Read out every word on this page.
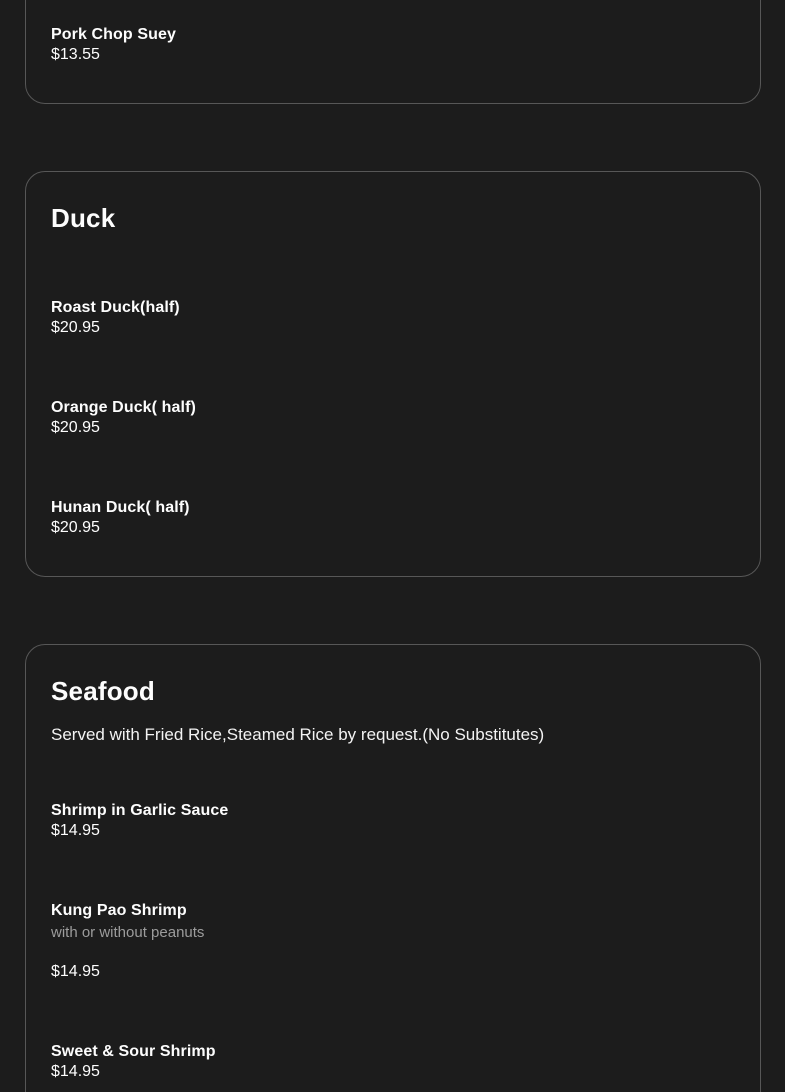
Pork Chop Suey
$13.55
Duck
Roast Duck(half)
$20.95
Orange Duck( half)
$20.95
Hunan Duck( half)
$20.95
Seafood

Served with Fried Rice,Steamed Rice by request.(No Substitutes)

Shrimp in Garlic Sauce
$14.95
Kung Pao Shrimp
with or without peanuts
$14.95
Sweet & Sour Shrimp
$14.95
